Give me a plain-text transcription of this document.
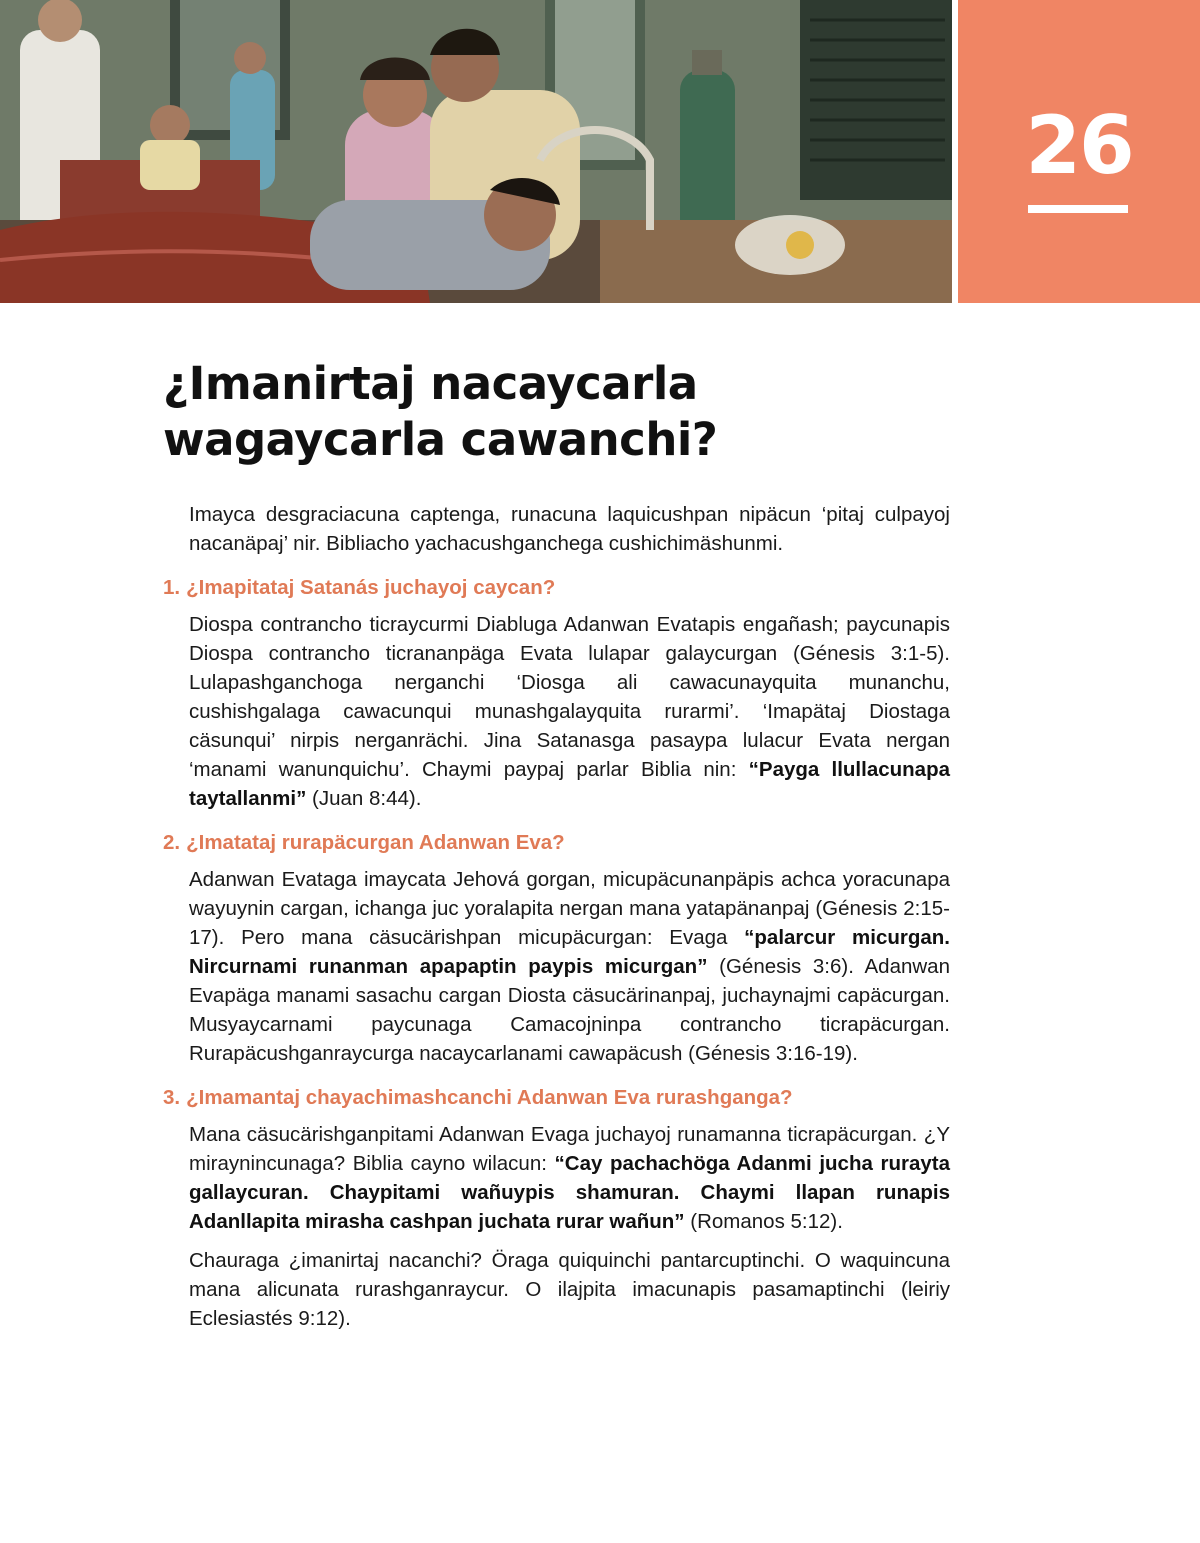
26
¿Imanirtaj nacaycarla
wagaycarla cawanchi?

Imayca desgraciacuna captenga, runacuna laquicushpan nipäcun ‘pitaj culpayoj nacanäpaj’ nir. Bibliacho yachacushganchega cushichimäshunmi.

1. ¿Imapitataj Satanás juchayoj caycan?

Diospa contrancho ticraycurmi Diabluga Adanwan Evatapis engañash; paycunapis Diospa contrancho ticrananpäga Evata lulapar galaycurgan (Génesis 3:1-5). Lulapashganchoga nerganchi ‘Diosga ali cawacunayquita munanchu, cushishgalaga cawacunqui munashgalayquita rurarmi’. ‘Imapätaj Diostaga cäsunqui’ nirpis nerganrächi. Jina Satanasga pasaypa lulacur Evata nergan ‘manami wanunquichu’. Chaymi paypaj parlar Biblia nin: “Payga llullacunapa taytallanmi” (Juan 8:44).

2. ¿Imatataj rurapäcurgan Adanwan Eva?

Adanwan Evataga imaycata Jehová gorgan, micupäcunanpäpis achca yoracunapa wayuynin cargan, ichanga juc yoralapita nergan mana yatapänanpaj (Génesis 2:15-17). Pero mana cäsucärishpan micupäcurgan: Evaga “palarcur micurgan. Nircurnami runanman apapaptin paypis micurgan” (Génesis 3:6). Adanwan Evapäga manami sasachu cargan Diosta cäsucärinanpaj, juchaynajmi capäcurgan. Musyaycarnami paycunaga Camacojninpa contrancho ticrapäcurgan. Rurapäcushganraycurga nacaycarlanami cawapäcush (Génesis 3:16-19).

3. ¿Imamantaj chayachimashcanchi Adanwan Eva rurashganga?

Mana cäsucärishganpitami Adanwan Evaga juchayoj runamanna ticrapäcurgan. ¿Y miraynincunaga? Biblia cayno wilacun: “Cay pachachöga Adanmi jucha rurayta gallaycuran. Chaypitami wañuypis shamuran. Chaymi llapan runapis Adanllapita mirasha cashpan juchata rurar wañun” (Romanos 5:12).

Chauraga ¿imanirtaj nacanchi? Öraga quiquinchi pantarcuptinchi. O waquincuna mana alicunata rurashganraycur. O ilajpita imacunapis pasamaptinchi (leiriy Eclesiastés 9:12).
